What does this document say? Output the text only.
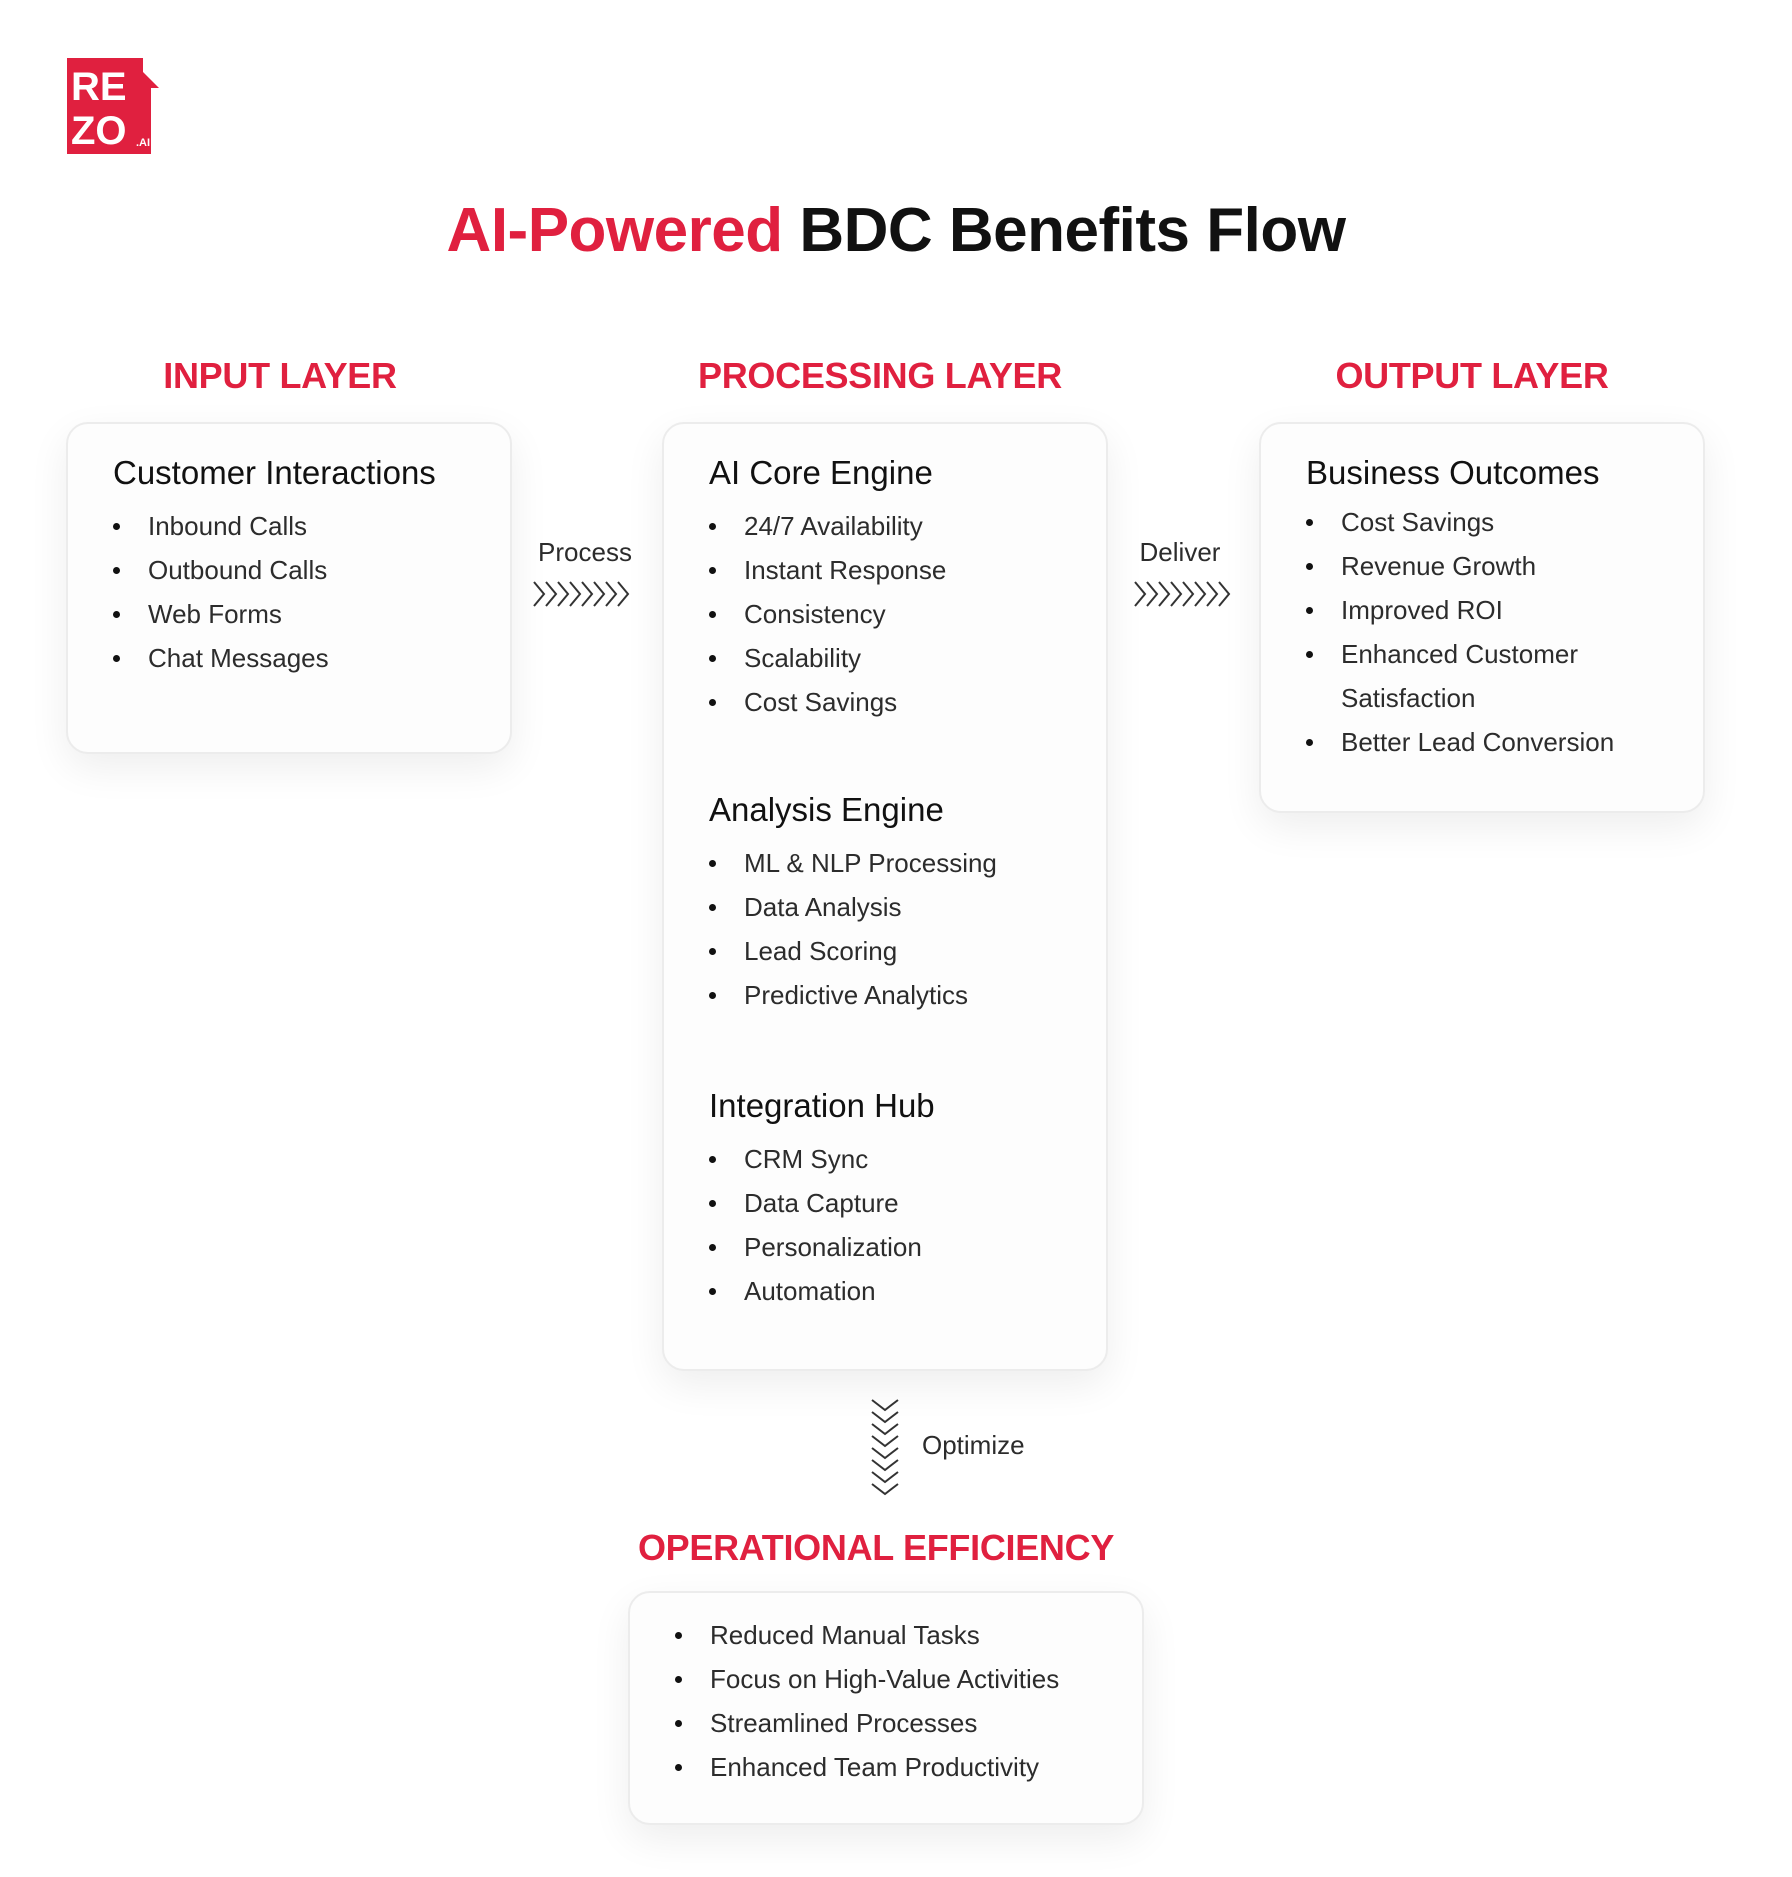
RE
ZO .AI
AI-Powered BDC Benefits Flow
INPUT LAYER	PROCESSING LAYER	OUTPUT LAYER
Customer Interactions
Inbound Calls
Outbound Calls
Web Forms
Chat Messages
Process
AI Core Engine
24/7 Availability
Instant Response
Consistency
Scalability
Cost Savings
Analysis Engine
ML & NLP Processing
Data Analysis
Lead Scoring
Predictive Analytics
Integration Hub
CRM Sync
Data Capture
Personalization
Automation
Deliver
Business Outcomes
Cost Savings
Revenue Growth
Improved ROI
Enhanced Customer Satisfaction
Better Lead Conversion
Optimize
OPERATIONAL EFFICIENCY
Reduced Manual Tasks
Focus on High-Value Activities
Streamlined Processes
Enhanced Team Productivity
